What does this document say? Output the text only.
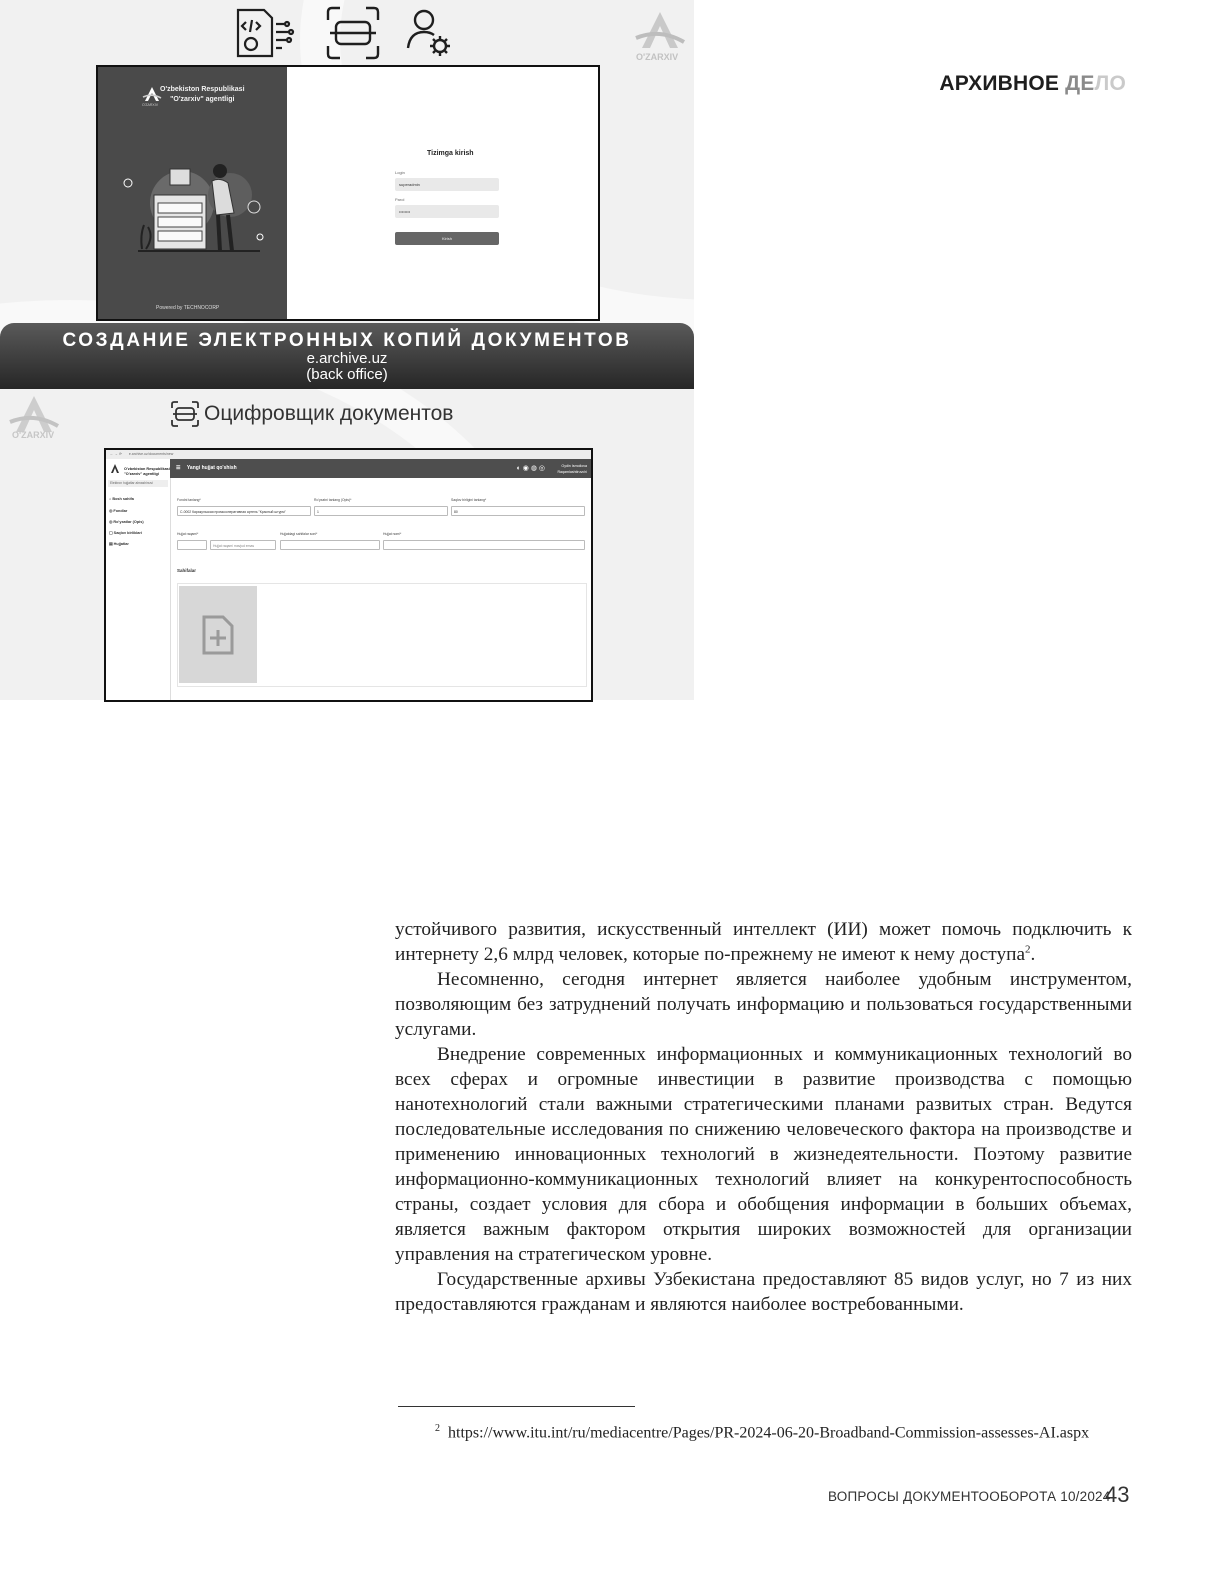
АРХИВНОЕ ДЕЛО
O'ZARXIV
O'ZARXIV
O'zbekiston Respublikasi
"O'zarxiv" agentligi
O'ZARXIV
Powered by TECHNOCORP
Tizimga kirish
Login
superadmin
Parol
••••••••
Kirish
СОЗДАНИЕ ЭЛЕКТРОННЫХ КОПИЙ ДОКУМЕНТОВ
e.archive.uz
(back office)
Оцифровщик документов
← → ⟳ e.archive.uz/documents/new
O'zbekiston Respublikasi
"O'zarxiv" agentligi
Elektron hujjatlar almashinuvi
⌂ Bosh sahifa
◎ Fondlar
◎ Ro'yxatlar (Opis)
▢ Saqlov birliklari
▤ Hujjatlar
☰ Yangi hujjat qo'shish	Oydin Ismoilova
Raqamlashtiruvchi
◐ ◉ ◍ ◎
Fondni tanlang*
С-0002 Каракульская промкооперативная артель "Красный штурм"
Ro'yxatni tanlang (Opis)*
1
Saqlov birligini tanlang*
80
Hujjat raqami*
Hujjat raqami mavjud emas
Hujjatdagi sahifalar soni*	Hujjat nomi*
Sahifalar

устойчивого развития, искусственный интеллект (ИИ) может помочь подключить к интернету 2,6 млрд человек, которые по-прежнему не имеют к нему доступа$^2$.

Несомненно, сегодня интернет является наиболее удобным инструментом, позволяющим без затруднений получать информацию и пользоваться государственными услугами.

Внедрение современных информационных и коммуникационных технологий во всех сферах и огромные инвестиции в развитие производства с помощью нанотехнологий стали важными стратегическими планами развитых стран. Ведутся последовательные исследования по снижению человеческого фактора на производстве и применению инновационных технологий в жизнедеятельности. Поэтому развитие информационно-коммуникационных технологий влияет на конкурентоспособность страны, создает условия для сбора и обобщения информации в больших объемах, является важным фактором открытия широких возможностей для организации управления на стратегическом уровне.

Государственные архивы Узбекистана предоставляют 85 видов услуг, но 7 из них предоставляются гражданам и являются наиболее востребованными.

$^2$ https://www.itu.int/ru/mediacentre/Pages/PR-2024-06-20-Broadband-Commission-assesses-AI.aspx
ВОПРОСЫ ДОКУМЕНТООБОРОТА 10/2024
43
